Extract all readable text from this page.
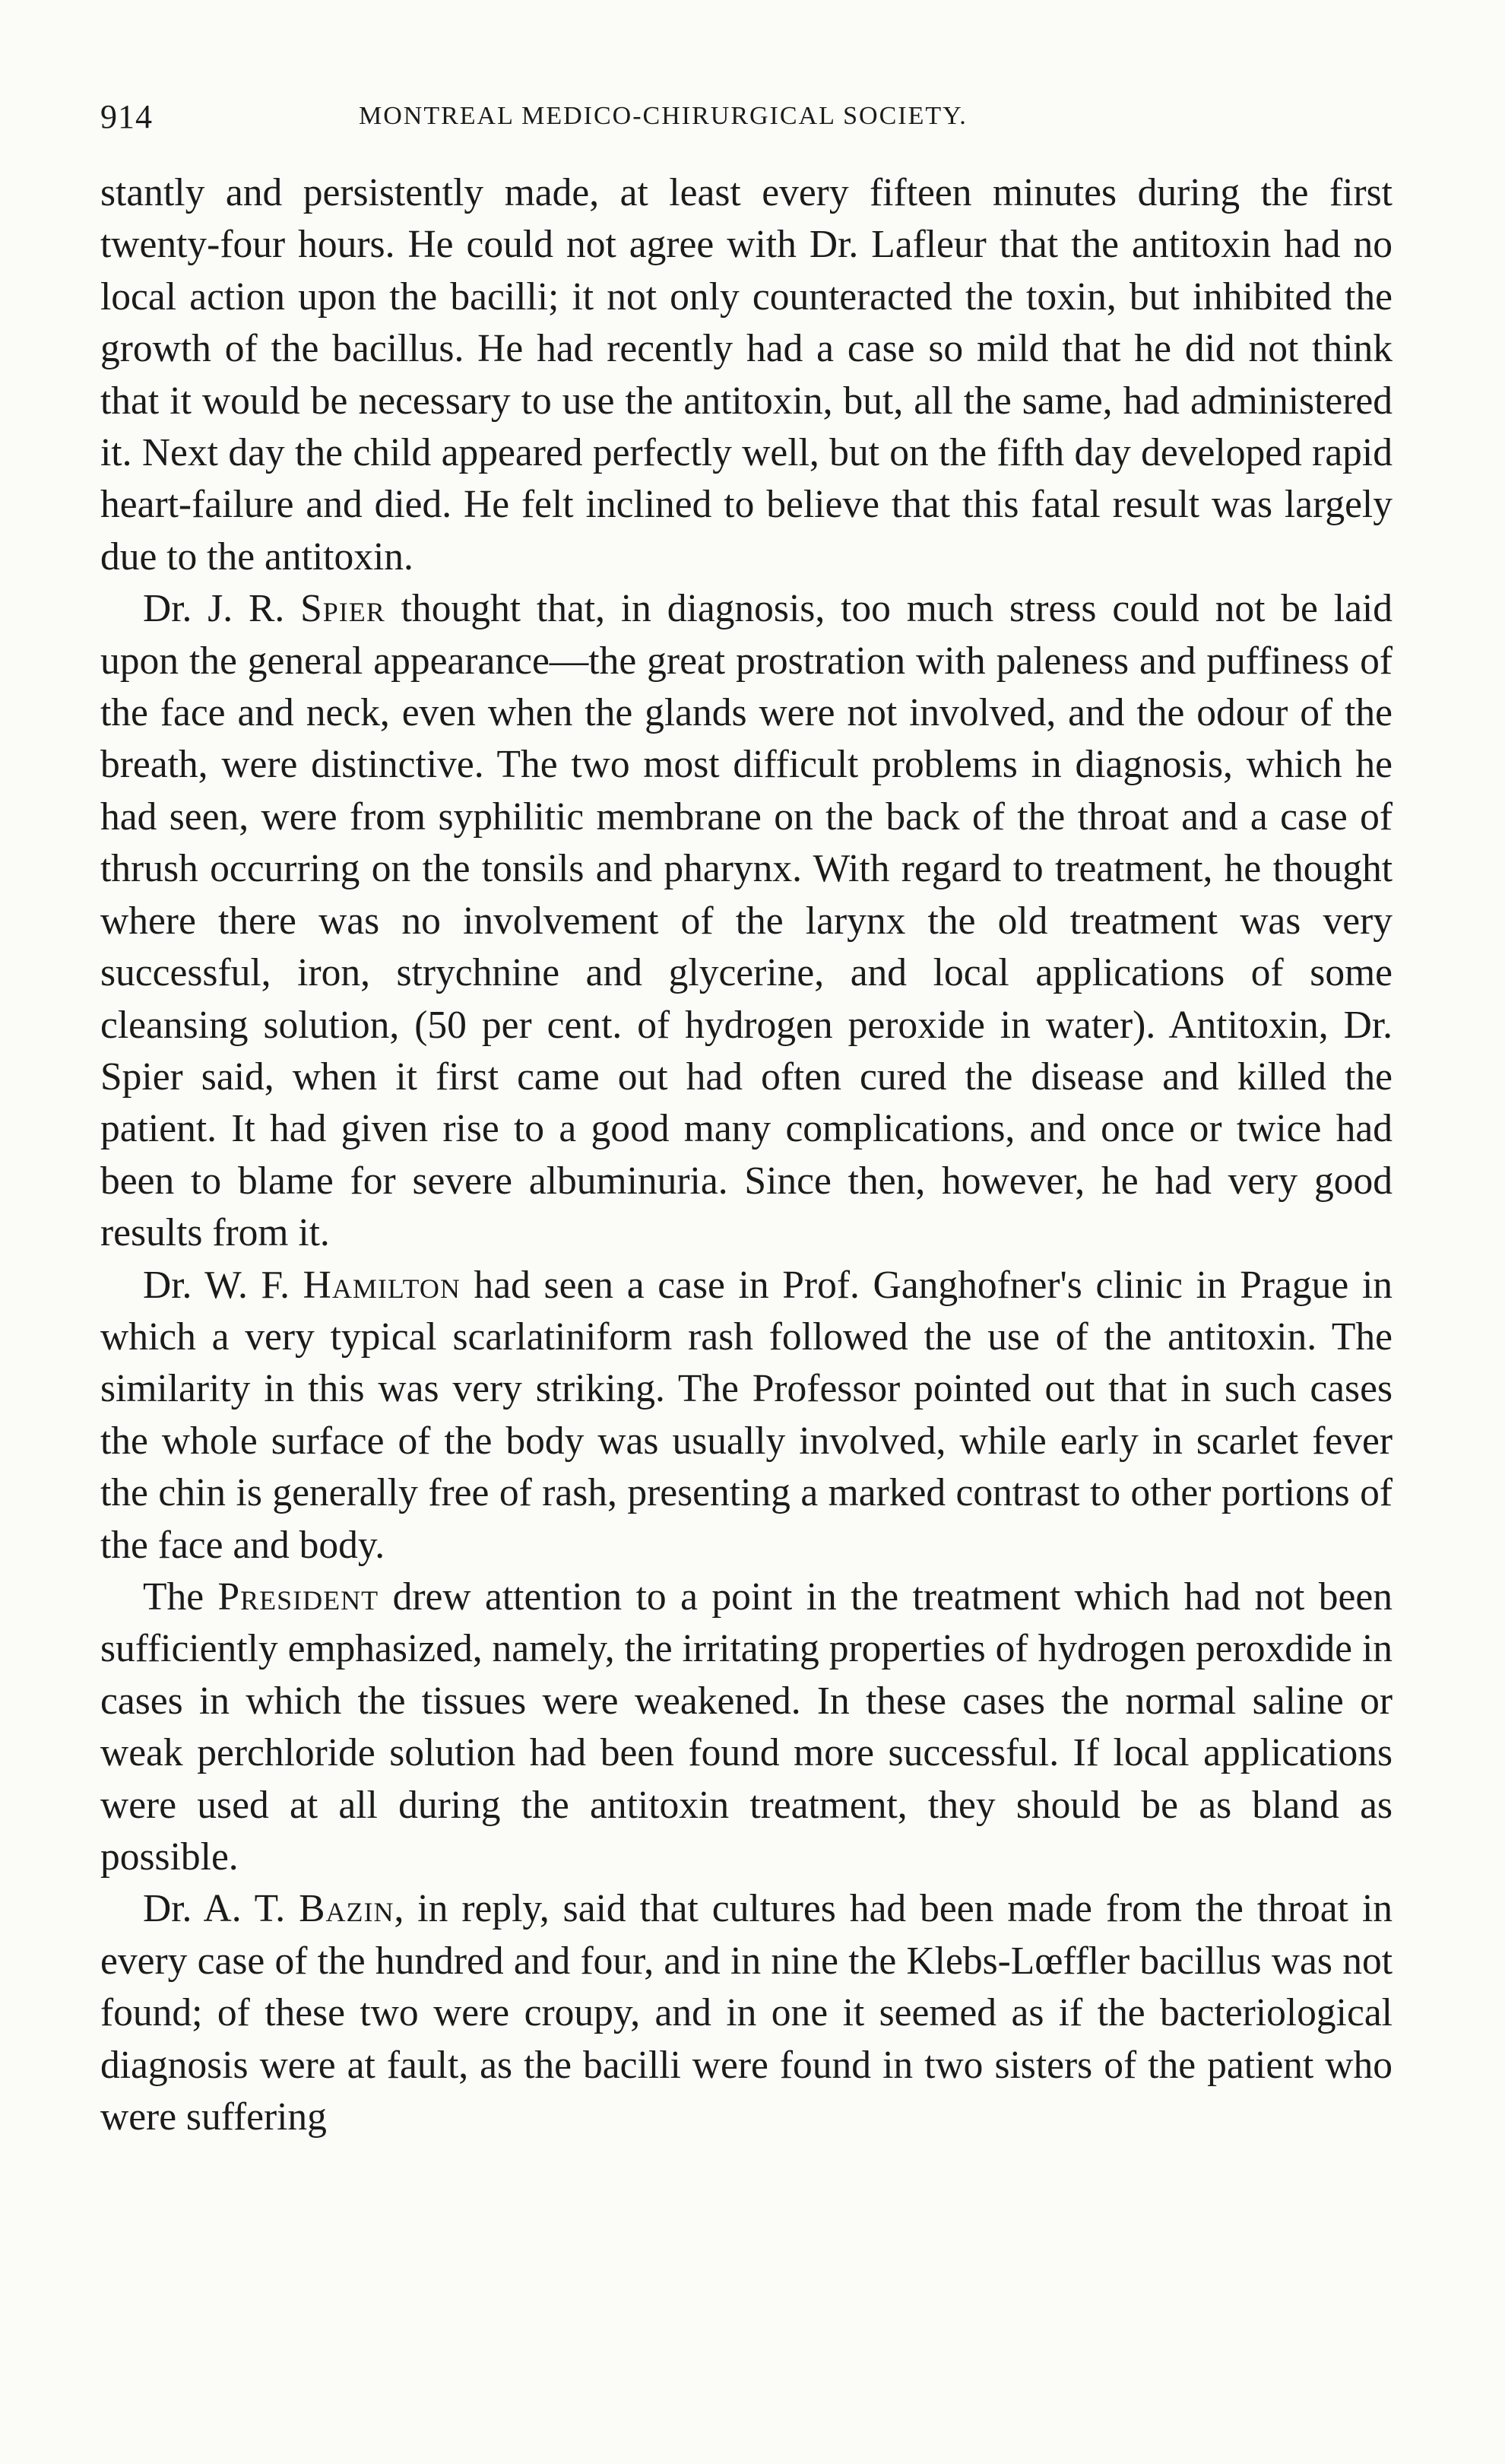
914	MONTREAL MEDICO-CHIRURGICAL SOCIETY.

stantly and persistently made, at least every fifteen minutes during the first twenty-four hours. He could not agree with Dr. Lafleur that the antitoxin had no local action upon the bacilli; it not only counteracted the toxin, but inhibited the growth of the bacillus. He had recently had a case so mild that he did not think that it would be necessary to use the antitoxin, but, all the same, had administered it. Next day the child appeared perfectly well, but on the fifth day developed rapid heart-failure and died. He felt inclined to believe that this fatal result was largely due to the antitoxin.

Dr. J. R. Spier thought that, in diagnosis, too much stress could not be laid upon the general appearance—the great prostration with paleness and puffiness of the face and neck, even when the glands were not involved, and the odour of the breath, were distinctive. The two most difficult problems in diagnosis, which he had seen, were from syphilitic membrane on the back of the throat and a case of thrush occurring on the tonsils and pharynx. With regard to treatment, he thought where there was no involvement of the larynx the old treatment was very successful, iron, strychnine and glycerine, and local applications of some cleansing solution, (50 per cent. of hydrogen peroxide in water). Antitoxin, Dr. Spier said, when it first came out had often cured the disease and killed the patient. It had given rise to a good many complications, and once or twice had been to blame for severe albuminuria. Since then, however, he had very good results from it.

Dr. W. F. Hamilton had seen a case in Prof. Ganghofner's clinic in Prague in which a very typical scarlatiniform rash followed the use of the antitoxin. The similarity in this was very striking. The Professor pointed out that in such cases the whole surface of the body was usually involved, while early in scarlet fever the chin is generally free of rash, presenting a marked contrast to other portions of the face and body.

The President drew attention to a point in the treatment which had not been sufficiently emphasized, namely, the irritating properties of hydrogen peroxdide in cases in which the tissues were weakened. In these cases the normal saline or weak perchloride solution had been found more successful. If local applications were used at all during the antitoxin treatment, they should be as bland as possible.

Dr. A. T. Bazin, in reply, said that cultures had been made from the throat in every case of the hundred and four, and in nine the Klebs-Lœffler bacillus was not found; of these two were croupy, and in one it seemed as if the bacteriological diagnosis were at fault, as the bacilli were found in two sisters of the patient who were suffering
